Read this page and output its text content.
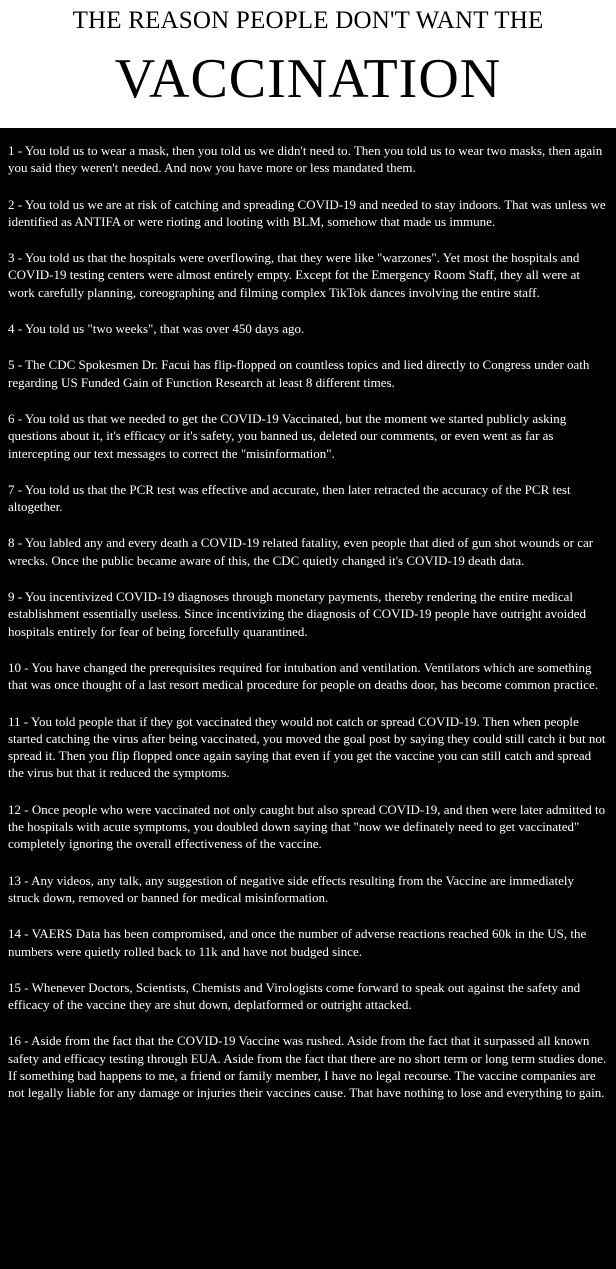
THE REASON PEOPLE DON'T WANT THE
VACCINATION

1 - You told us to wear a mask, then you told us we didn't need to. Then you told us to wear two masks, then again you said they weren't needed. And now you have more or less mandated them.

2 - You told us we are at risk of catching and spreading COVID-19 and needed to stay indoors. That was unless we identified as ANTIFA or were rioting and looting with BLM, somehow that made us immune.

3 - You told us that the hospitals were overflowing, that they were like "warzones". Yet most the hospitals and COVID-19 testing centers were almost entirely empty. Except fot the Emergency Room Staff, they all were at work carefully planning, coreographing and filming complex TikTok dances involving the entire staff.

4 - You told us "two weeks", that was over 450 days ago.

5 - The CDC Spokesmen Dr. Facui has flip-flopped on countless topics and lied directly to Congress under oath regarding US Funded Gain of Function Research at least 8 different times.

6 - You told us that we needed to get the COVID-19 Vaccinated, but the moment we started publicly asking questions about it, it's efficacy or it's safety, you banned us, deleted our comments, or even went as far as intercepting our text messages to correct the "misinformation".

7 - You told us that the PCR test was effective and accurate, then later retracted the accuracy of the PCR test altogether.

8 - You labled any and every death a COVID-19 related fatality, even people that died of gun shot wounds or car wrecks. Once the public became aware of this, the CDC quietly changed it's COVID-19 death data.

9 - You incentivized COVID-19 diagnoses through monetary payments, thereby rendering the entire medical establishment essentially useless. Since incentivizing the diagnosis of COVID-19 people have outright avoided hospitals entirely for fear of being forcefully quarantined.

10 - You have changed the prerequisites required for intubation and ventilation. Ventilators which are something that was once thought of a last resort medical procedure for people on deaths door, has become common practice.

11 - You told people that if they got vaccinated they would not catch or spread COVID-19. Then when people started catching the virus after being vaccinated, you moved the goal post by saying they could still catch it but not spread it. Then you flip flopped once again saying that even if you get the vaccine you can still catch and spread the virus but that it reduced the symptoms.

12 - Once people who were vaccinated not only caught but also spread COVID-19, and then were later admitted to the hospitals with acute symptoms, you doubled down saying that "now we definately need to get vaccinated" completely ignoring the overall effectiveness of the vaccine.

13 - Any videos, any talk, any suggestion of negative side effects resulting from the Vaccine are immediately struck down, removed or banned for medical misinformation.

14 - VAERS Data has been compromised, and once the number of adverse reactions reached 60k in the US, the numbers were quietly rolled back to 11k and have not budged since.

15 - Whenever Doctors, Scientists, Chemists and Virologists come forward to speak out against the safety and efficacy of the vaccine they are shut down, deplatformed or outright attacked.

16 - Aside from the fact that the COVID-19 Vaccine was rushed. Aside from the fact that it surpassed all known safety and efficacy testing through EUA. Aside from the fact that there are no short term or long term studies done. If something bad happens to me, a friend or family member, I have no legal recourse. The vaccine companies are not legally liable for any damage or injuries their vaccines cause. That have nothing to lose and everything to gain.
